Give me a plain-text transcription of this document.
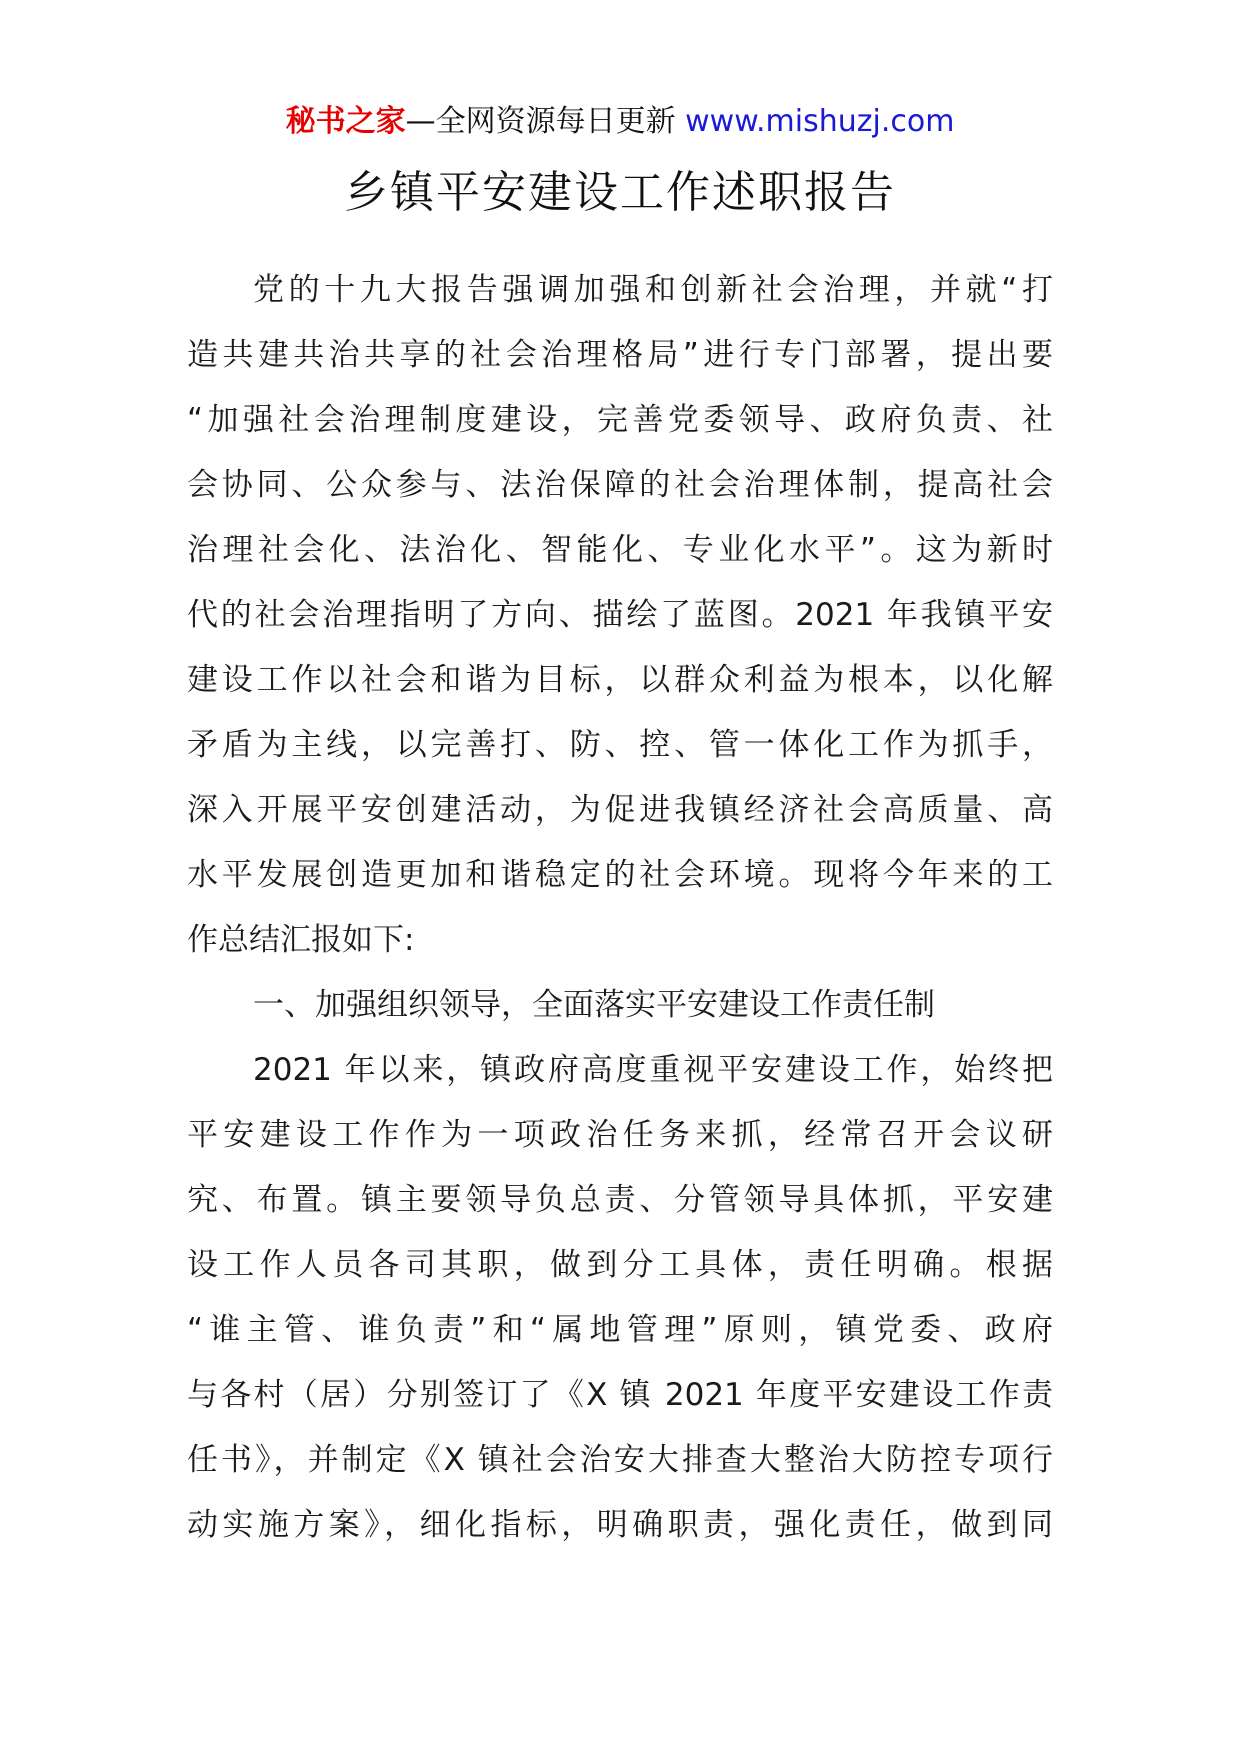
秘书之家—全网资源每日更新 www.mishuzj.com
乡镇平安建设工作述职报告
党的十九大报告强调加强和创新社会治理，并就“打
造共建共治共享的社会治理格局”进行专门部署，提出要
“加强社会治理制度建设，完善党委领导、政府负责、社
会协同、公众参与、法治保障的社会治理体制，提高社会
治理社会化、法治化、智能化、专业化水平”。这为新时
代的社会治理指明了方向、描绘了蓝图。2021 年我镇平安
建设工作以社会和谐为目标，以群众利益为根本，以化解
矛盾为主线，以完善打、防、控、管一体化工作为抓手，
深入开展平安创建活动，为促进我镇经济社会高质量、高
水平发展创造更加和谐稳定的社会环境。现将今年来的工
作总结汇报如下:
一、加强组织领导，全面落实平安建设工作责任制
2021 年以来，镇政府高度重视平安建设工作，始终把
平安建设工作作为一项政治任务来抓，经常召开会议研
究、布置。镇主要领导负总责、分管领导具体抓，平安建
设工作人员各司其职，做到分工具体，责任明确。根据
“谁主管、谁负责”和“属地管理”原则，镇党委、政府
与各村（居）分别签订了《X 镇 2021 年度平安建设工作责
任书》，并制定《X 镇社会治安大排查大整治大防控专项行
动实施方案》，细化指标，明确职责，强化责任，做到同
